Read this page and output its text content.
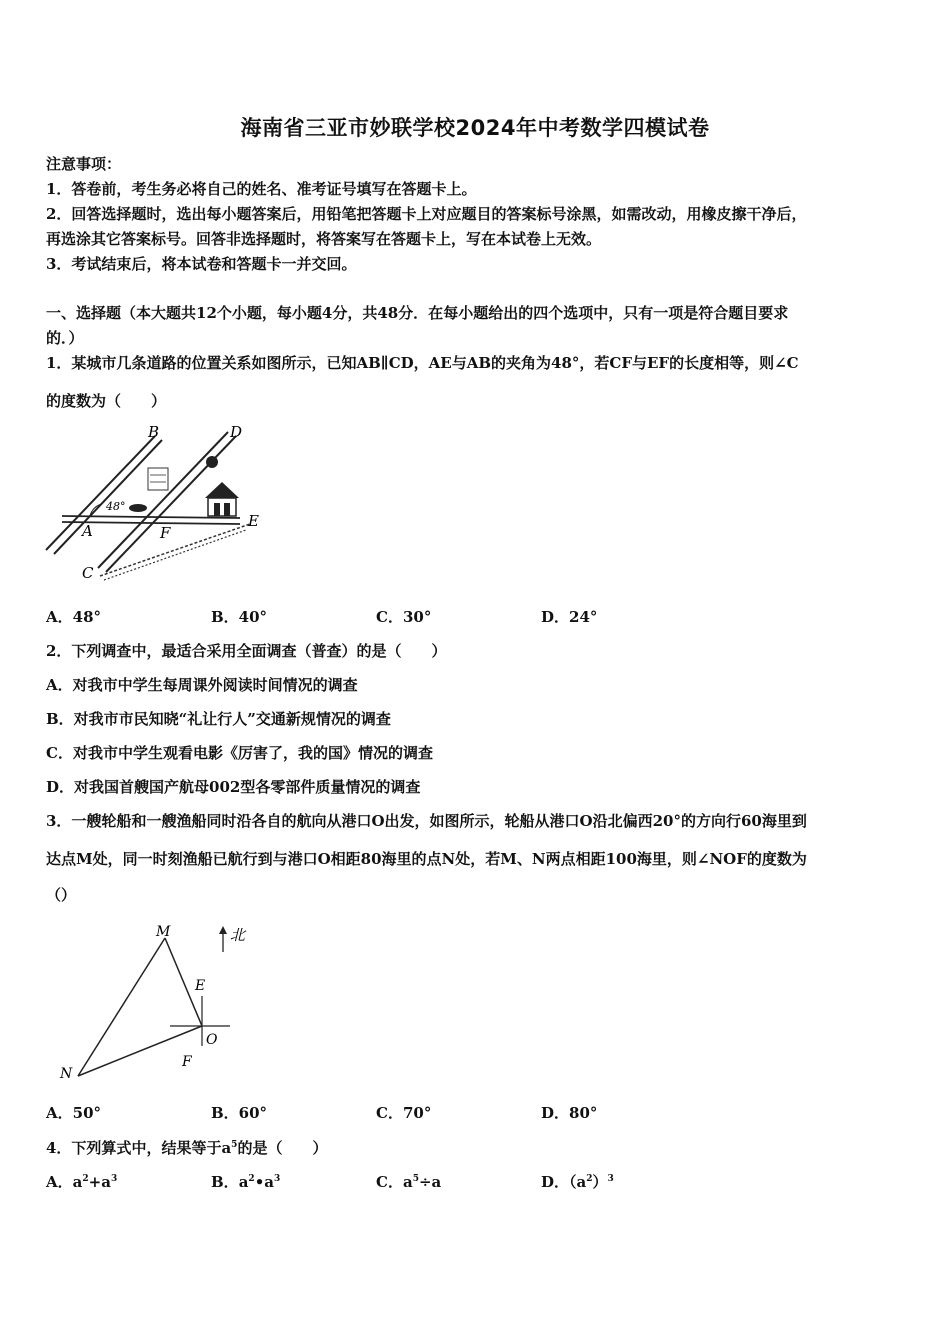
海南省三亚市妙联学校2024年中考数学四模试卷
注意事项：
1．答卷前，考生务必将自己的姓名、准考证号填写在答题卡上。
2．回答选择题时，选出每小题答案后，用铅笔把答题卡上对应题目的答案标号涂黑，如需改动，用橡皮擦干净后，
再选涂其它答案标号。回答非选择题时，将答案写在答题卡上，写在本试卷上无效。
3．考试结束后，将本试卷和答题卡一并交回。
一、选择题（本大题共12个小题，每小题4分，共48分．在每小题给出的四个选项中，只有一项是符合题目要求
的．）
1．某城市几条道路的位置关系如图所示，已知AB∥CD，AE与AB的夹角为48°，若CF与EF的长度相等，则∠C
的度数为（　　）
B	D
A	F
E
C
48°
A．48°	B．40°	C．30°	D．24°
2．下列调查中，最适合采用全面调查（普查）的是（　　）
A．对我市中学生每周课外阅读时间情况的调查
B．对我市市民知晓“礼让行人”交通新规情况的调查
C．对我市中学生观看电影《厉害了，我的国》情况的调查
D．对我国首艘国产航母002型各零部件质量情况的调查
3．一艘轮船和一艘渔船同时沿各自的航向从港口O出发，如图所示，轮船从港口O沿北偏西20°的方向行60海里到
达点M处，同一时刻渔船已航行到与港口O相距80海里的点N处，若M、N两点相距100海里，则∠NOF的度数为
（）
M	北
E
O
F
N
A．50°	B．60°	C．70°	D．80°
4．下列算式中，结果等于$a^5$的是（　　）
A．$a^2+a^3$	B．$a^2•a^3$	C．$a^5\div a$	D．$(a^2)^3$
